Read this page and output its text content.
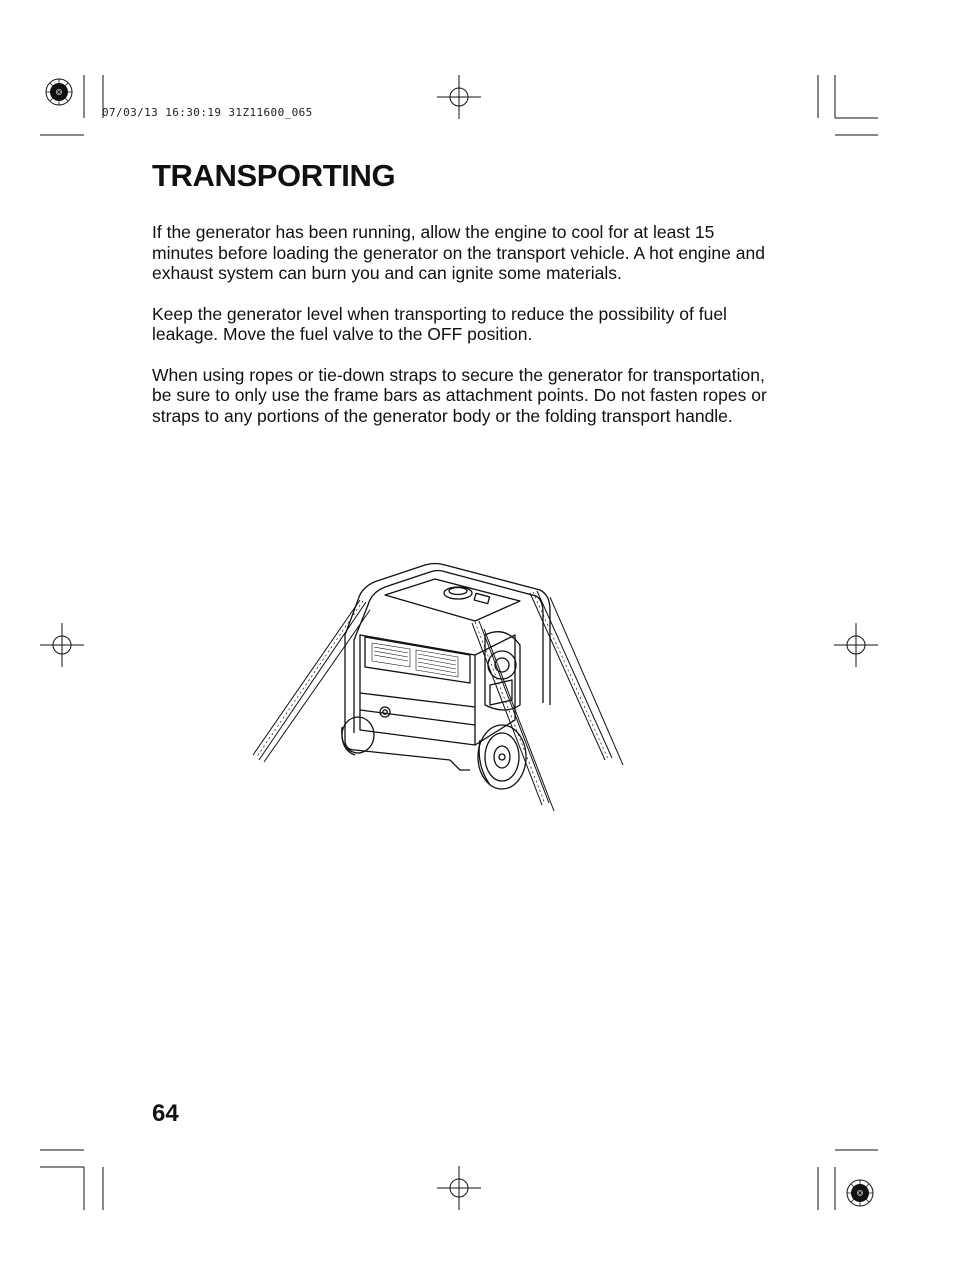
07/03/13 16:30:19 31Z11600_065
TRANSPORTING

If the generator has been running, allow the engine to cool for at least 15 minutes before loading the generator on the transport vehicle. A hot engine and exhaust system can burn you and can ignite some materials.

Keep the generator level when transporting to reduce the possibility of fuel leakage. Move the fuel valve to the OFF position.

When using ropes or tie-down straps to secure the generator for transportation, be sure to only use the frame bars as attachment points. Do not fasten ropes or straps to any portions of the generator body or the folding transport handle.

64
